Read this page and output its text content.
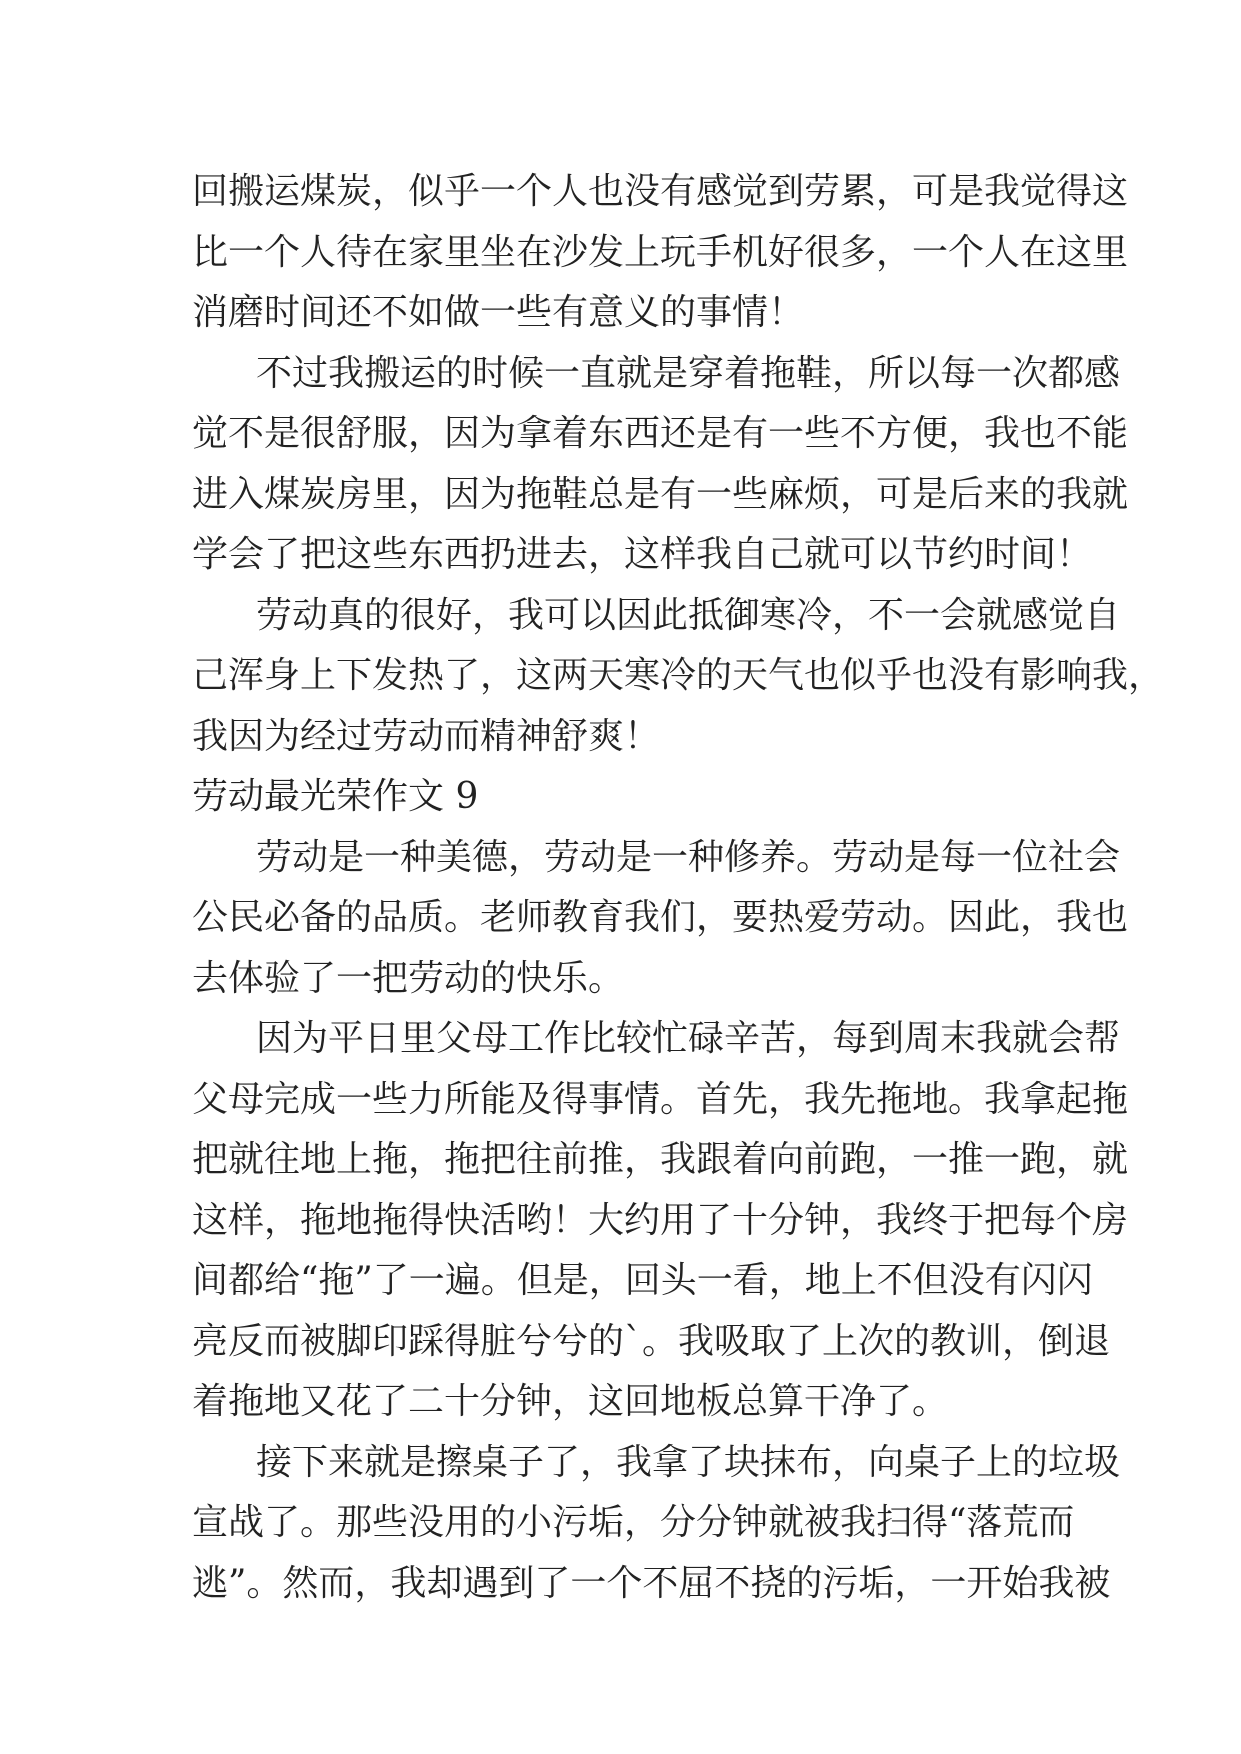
回搬运煤炭，似乎一个人也没有感觉到劳累，可是我觉得这
比一个人待在家里坐在沙发上玩手机好很多，一个人在这里
消磨时间还不如做一些有意义的事情！
不过我搬运的时候一直就是穿着拖鞋，所以每一次都感
觉不是很舒服，因为拿着东西还是有一些不方便，我也不能
进入煤炭房里，因为拖鞋总是有一些麻烦，可是后来的我就
学会了把这些东西扔进去，这样我自己就可以节约时间！
劳动真的很好，我可以因此抵御寒冷，不一会就感觉自
己浑身上下发热了，这两天寒冷的天气也似乎也没有影响我，
我因为经过劳动而精神舒爽！
劳动最光荣作文 9
劳动是一种美德，劳动是一种修养。劳动是每一位社会
公民必备的品质。老师教育我们，要热爱劳动。因此，我也
去体验了一把劳动的快乐。
因为平日里父母工作比较忙碌辛苦，每到周末我就会帮
父母完成一些力所能及得事情。首先，我先拖地。我拿起拖
把就往地上拖，拖把往前推，我跟着向前跑，一推一跑，就
这样，拖地拖得快活哟！大约用了十分钟，我终于把每个房
间都给“拖”了一遍。但是，回头一看，地上不但没有闪闪
亮反而被脚印踩得脏兮兮的`。我吸取了上次的教训，倒退
着拖地又花了二十分钟，这回地板总算干净了。
接下来就是擦桌子了，我拿了块抹布，向桌子上的垃圾
宣战了。那些没用的小污垢，分分钟就被我扫得“落荒而
逃”。然而，我却遇到了一个不屈不挠的污垢，一开始我被
